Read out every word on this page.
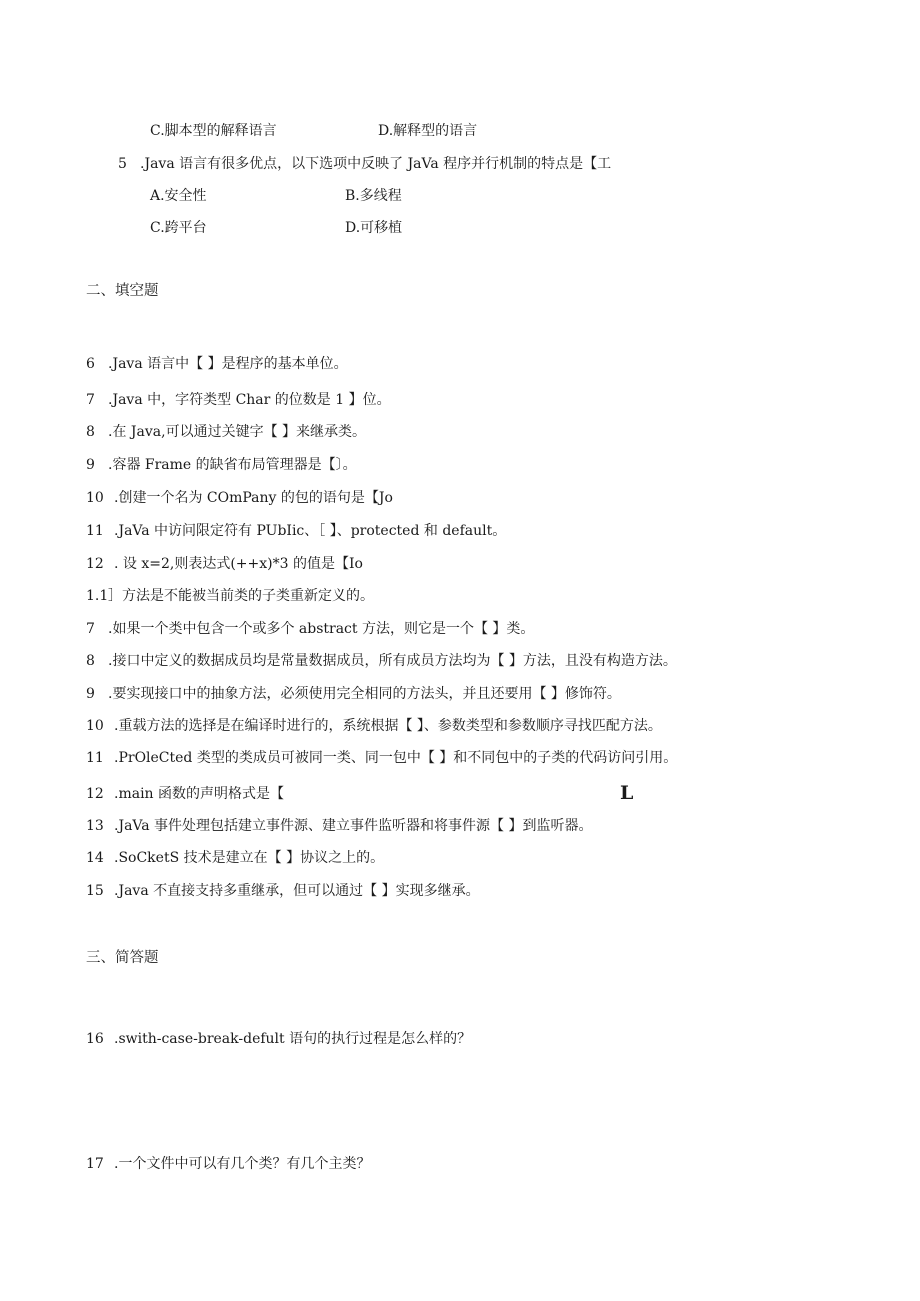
C.脚本型的解释语言	D.解释型的语言
5 .Java 语言有很多优点，以下选项中反映了 JaVa 程序并行机制的特点是【工
A.安全性	B.多线程
C.跨平台	D.可移植
二、填空题
6 .Java 语言中【 】是程序的基本单位。
7 .Java 中，字符类型 Char 的位数是 1 】位。
8 .在 Java,可以通过关键字【 】来继承类。
9 .容器 Frame 的缺省布局管理器是【〕。
10 .创建一个名为 COmPany 的包的语句是【Jo
11 .JaVa 中访问限定符有 PUbIic、［ 】、protected 和 default。
12 . 设 x=2,则表达式(++x)*3 的值是【Io
1.1 ］方法是不能被当前类的子类重新定义的。
7 .如果一个类中包含一个或多个 abstract 方法，则它是一个【 】类。
8 .接口中定义的数据成员均是常量数据成员，所有成员方法均为【 】方法，且没有构造方法。
9 .要实现接口中的抽象方法，必须使用完全相同的方法头，并且还要用【 】修饰符。
10 .重载方法的选择是在编译时进行的，系统根据【 】、参数类型和参数顺序寻找匹配方法。
11 .PrOleCted 类型的类成员可被同一类、同一包中【 】和不同包中的子类的代码访问引用。
12 .main 函数的声明格式是【	L
13 .JaVa 事件处理包括建立事件源、建立事件监听器和将事件源【 】到监听器。
14 .SoCketS 技术是建立在【 】协议之上的。
15 .Java 不直接支持多重继承，但可以通过【 】实现多继承。
三、简答题
16 .swith-case-break-defult 语句的执行过程是怎么样的？
17 .一个文件中可以有几个类？有几个主类？
